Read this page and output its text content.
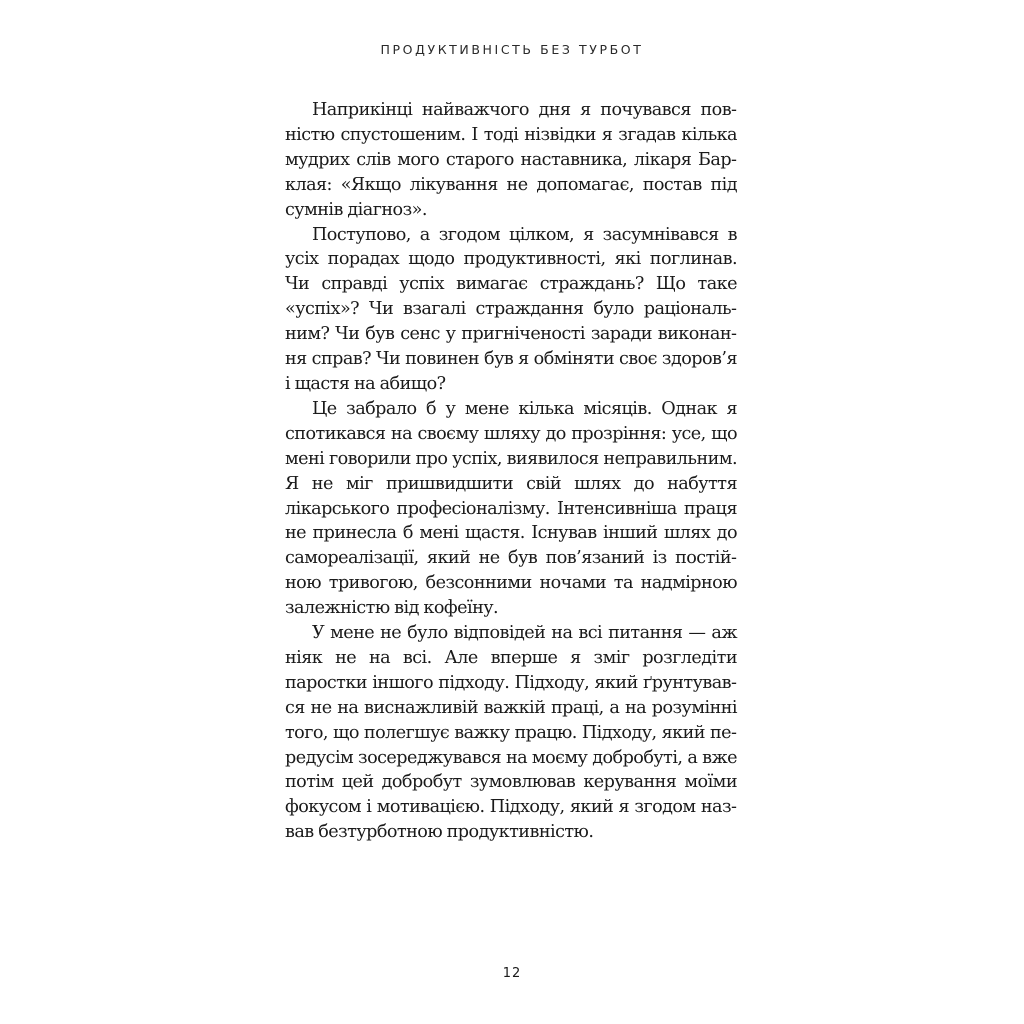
ПРОДУКТИВНІСТЬ БЕЗ ТУРБОТ

Наприкінці найважчого дня я почувався повністю спустошеним. І тоді нізвідки я згадав кілька мудрих слів мого старого наставника, лікаря Барклая: «Якщо лікування не допомагає, постав під сумнів діагноз».

Поступово, а згодом цілком, я засумнівався в усіх порадах щодо продуктивності, які поглинав. Чи справді успіх вимагає страждань? Що таке «успіх»? Чи взагалі страждання було раціональним? Чи був сенс у пригніченості заради виконання справ? Чи повинен був я обміняти своє здоров’я і щастя на абищо?

Це забрало б у мене кілька місяців. Однак я спотикався на своєму шляху до прозріння: усе, що мені говорили про успіх, виявилося неправильним. Я не міг пришвидшити свій шлях до набуття лікарського професіоналізму. Інтенсивніша праця не принесла б мені щастя. Існував інший шлях до самореалізації, який не був пов’язаний із постійною тривогою, безсонними ночами та надмірною залежністю від кофеїну.

У мене не було відповідей на всі питання — аж ніяк не на всі. Але вперше я зміг розгледіти паростки іншого підходу. Підходу, який ґрунтувався не на виснажливій важкій праці, а на розумінні того, що полегшує важку працю. Підходу, який передусім зосереджувався на моєму добробуті, а вже потім цей добробут зумовлював керування моїми фокусом і мотивацією. Підходу, який я згодом назвав безтурботною продуктивністю.

12
